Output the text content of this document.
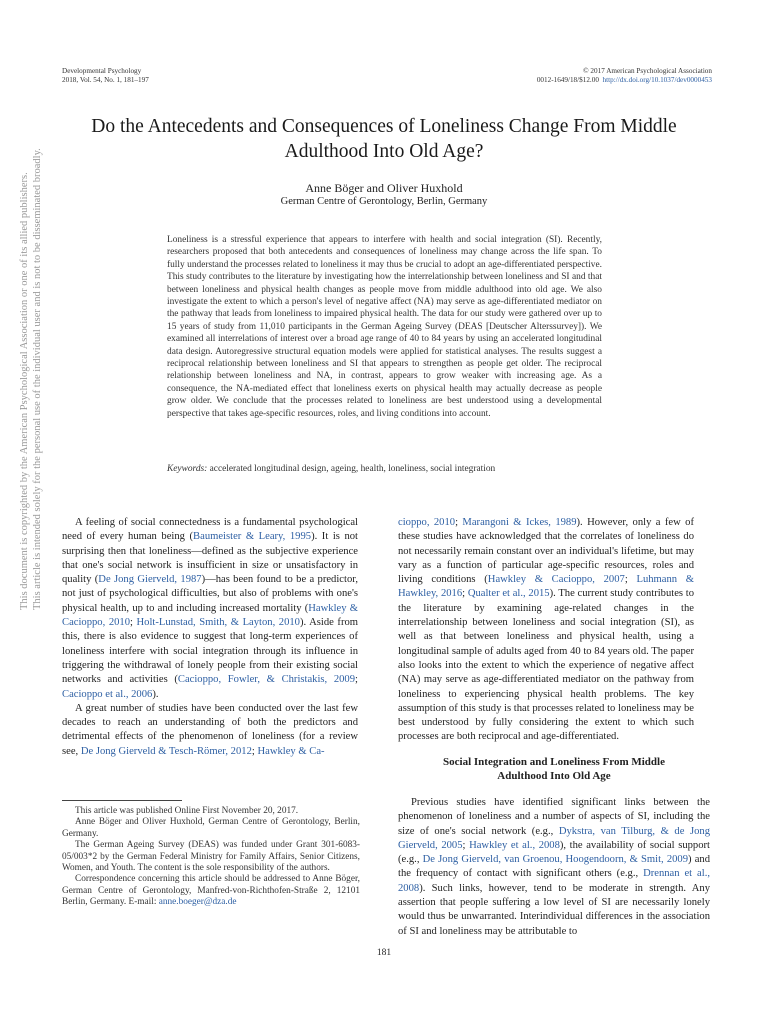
This document is copyrighted by the American Psychological Association or one of its allied publishers. This article is intended solely for the personal use of the individual user and is not to be disseminated broadly.
Developmental Psychology
2018, Vol. 54, No. 1, 181–197
© 2017 American Psychological Association
0012-1649/18/$12.00 http://dx.doi.org/10.1037/dev0000453
Do the Antecedents and Consequences of Loneliness Change From Middle
Adulthood Into Old Age?
Anne Böger and Oliver Huxhold
German Centre of Gerontology, Berlin, Germany

Loneliness is a stressful experience that appears to interfere with health and social integration (SI). Recently, researchers proposed that both antecedents and consequences of loneliness may change across the life span. To fully understand the processes related to loneliness it may thus be crucial to adopt an age-differentiated perspective. This study contributes to the literature by investigating how the interrelationship between loneliness and SI and that between loneliness and physical health changes as people move from middle adulthood into old age. We also investigate the extent to which a person's level of negative affect (NA) may serve as age-differentiated mediator on the pathway that leads from loneliness to impaired physical health. The data for our study were gathered over up to 15 years of study from 11,010 participants in the German Ageing Survey (DEAS [Deutscher Alterssurvey]). We examined all interrelations of interest over a broad age range of 40 to 84 years by using an accelerated longitudinal data design. Autoregressive structural equation models were applied for statistical analyses. The results suggest a reciprocal relationship between loneliness and SI that appears to strengthen as people get older. The reciprocal relationship between loneliness and NA, in contrast, appears to grow weaker with increasing age. As a consequence, the NA-mediated effect that loneliness exerts on physical health may actually decrease as people grow older. We conclude that the processes related to loneliness are best understood using a developmental perspective that takes age-specific resources, roles, and living conditions into account.

Keywords: accelerated longitudinal design, ageing, health, loneliness, social integration

A feeling of social connectedness is a fundamental psychological need of every human being (Baumeister & Leary, 1995). It is not surprising then that loneliness—defined as the subjective experience that one's social network is insufficient in size or unsatisfactory in quality (De Jong Gierveld, 1987)—has been found to be a predictor, not just of psychological difficulties, but also of problems with one's physical health, up to and including increased mortality (Hawkley & Cacioppo, 2010; Holt-Lunstad, Smith, & Layton, 2010). Aside from this, there is also evidence to suggest that long-term experiences of loneliness interfere with social integration through its influence in triggering the withdrawal of lonely people from their existing social networks and activities (Cacioppo, Fowler, & Christakis, 2009; Cacioppo et al., 2006).

A great number of studies have been conducted over the last few decades to reach an understanding of both the predictors and detrimental effects of the phenomenon of loneliness (for a review see, De Jong Gierveld & Tesch-Römer, 2012; Hawkley & Ca-

cioppo, 2010; Marangoni & Ickes, 1989). However, only a few of these studies have acknowledged that the correlates of loneliness do not necessarily remain constant over an individual's lifetime, but may vary as a function of particular age-specific resources, roles and living conditions (Hawkley & Cacioppo, 2007; Luhmann & Hawkley, 2016; Qualter et al., 2015). The current study contributes to the literature by examining age-related changes in the interrelationship between loneliness and social integration (SI), as well as that between loneliness and physical health, using a longitudinal sample of adults aged from 40 to 84 years old. The paper also looks into the extent to which the experience of negative affect (NA) may serve as age-differentiated mediator on the pathway from loneliness to experiencing physical health problems. The key assumption of this study is that processes related to loneliness may be best understood by fully considering the extent to which such processes are both reciprocal and age-differentiated.

Social Integration and Loneliness From Middle
Adulthood Into Old Age

Previous studies have identified significant links between the phenomenon of loneliness and a number of aspects of SI, including the size of one's social network (e.g., Dykstra, van Tilburg, & de Jong Gierveld, 2005; Hawkley et al., 2008), the availability of social support (e.g., De Jong Gierveld, van Groenou, Hoogendoorn, & Smit, 2009) and the frequency of contact with significant others (e.g., Drennan et al., 2008). Such links, however, tend to be moderate in strength. Any assertion that people suffering a low level of SI are necessarily lonely would thus be unwarranted. Interindividual differences in the association of SI and loneliness may be attributable to

This article was published Online First November 20, 2017.

Anne Böger and Oliver Huxhold, German Centre of Gerontology, Berlin, Germany.

The German Ageing Survey (DEAS) was funded under Grant 301-6083-05/003*2 by the German Federal Ministry for Family Affairs, Senior Citizens, Women, and Youth. The content is the sole responsibility of the authors.

Correspondence concerning this article should be addressed to Anne Böger, German Centre of Gerontology, Manfred-von-Richthofen-Straße 2, 12101 Berlin, Germany. E-mail: anne.boeger@dza.de

181
